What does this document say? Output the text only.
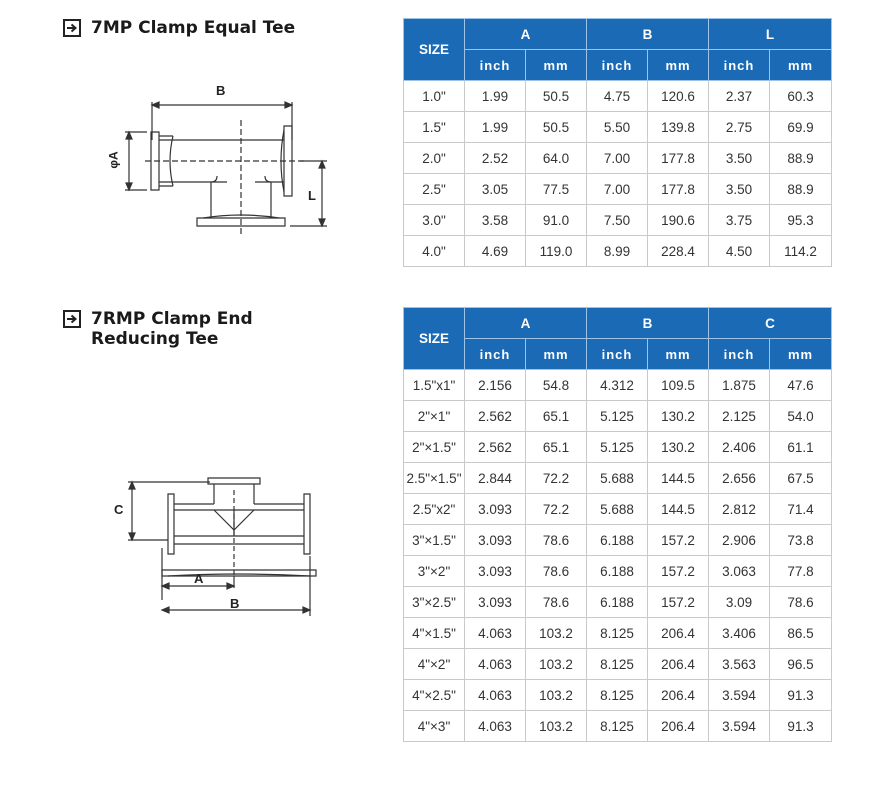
7MP Clamp Equal Tee
B
φA
L
SIZE	A		B		L	
	inch	mm	inch	mm	inch	mm
1.0"	1.99	50.5	4.75	120.6	2.37	60.3
1.5"	1.99	50.5	5.50	139.8	2.75	69.9
2.0"	2.52	64.0	7.00	177.8	3.50	88.9
2.5"	3.05	77.5	7.00	177.8	3.50	88.9
3.0"	3.58	91.0	7.50	190.6	3.75	95.3
4.0"	4.69	119.0	8.99	228.4	4.50	114.2
7RMP Clamp End
Reducing Tee
C
A
B
SIZE	A		B		C	
	inch	mm	inch	mm	inch	mm
1.5"x1"	2.156	54.8	4.312	109.5	1.875	47.6
2"×1"	2.562	65.1	5.125	130.2	2.125	54.0
2"×1.5"	2.562	65.1	5.125	130.2	2.406	61.1
2.5"×1.5"	2.844	72.2	5.688	144.5	2.656	67.5
2.5"x2"	3.093	72.2	5.688	144.5	2.812	71.4
3"×1.5"	3.093	78.6	6.188	157.2	2.906	73.8
3"×2"	3.093	78.6	6.188	157.2	3.063	77.8
3"×2.5"	3.093	78.6	6.188	157.2	3.09	78.6
4"×1.5"	4.063	103.2	8.125	206.4	3.406	86.5
4"×2"	4.063	103.2	8.125	206.4	3.563	96.5
4"×2.5"	4.063	103.2	8.125	206.4	3.594	91.3
4"×3"	4.063	103.2	8.125	206.4	3.594	91.3
